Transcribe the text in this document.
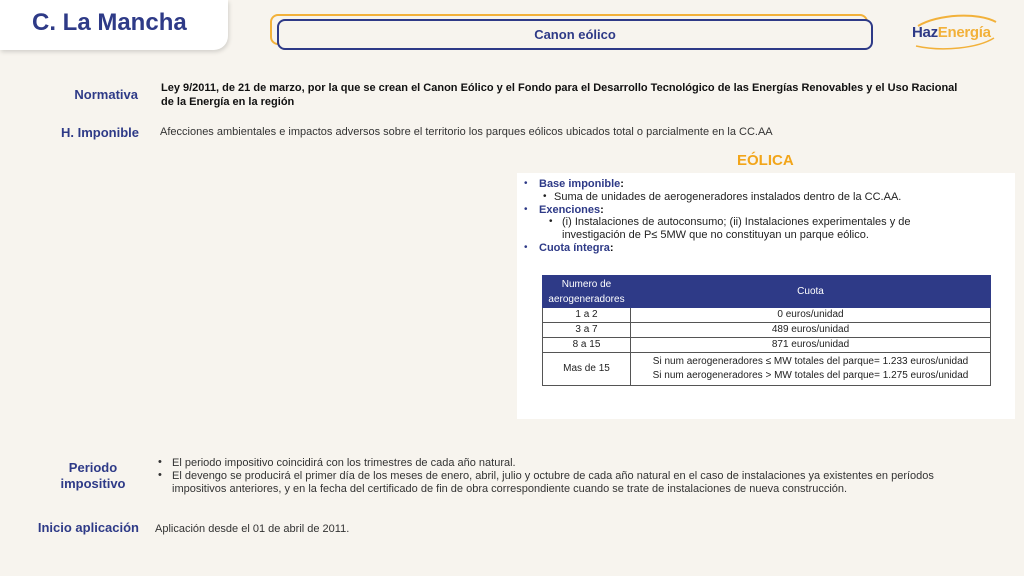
C. La Mancha	Canon eólico	HazEnergía
Normativa Ley 9/2011, de 21 de marzo, por la que se crean el Canon Eólico y el Fondo para el Desarrollo Tecnológico de las Energías Renovables y el Uso Racional
de la Energía en la región
H. Imponible Afecciones ambientales e impactos adversos sobre el territorio los parques eólicos ubicados total o parcialmente en la CC.AA
EÓLICA
• Base imponible:
• Suma de unidades de aerogeneradores instalados dentro de la CC.AA.
• Exenciones:
• (i) Instalaciones de autoconsumo; (ii) Instalaciones experimentales y de
investigación de P≤ 5MW que no constituyan un parque eólico.
• Cuota íntegra:
Numero de
aerogeneradores	Cuota
1 a 2	0 euros/unidad
3 a 7	489 euros/unidad
8 a 15	871 euros/unidad
Mas de 15	Si num aerogeneradores ≤ MW totales del parque= 1.233 euros/unidad
Si num aerogeneradores > MW totales del parque= 1.275 euros/unidad
Periodo
impositivo
• El periodo impositivo coincidirá con los trimestres de cada año natural.
• El devengo se producirá el primer día de los meses de enero, abril, julio y octubre de cada año natural en el caso de instalaciones ya existentes en períodos
impositivos anteriores, y en la fecha del certificado de fin de obra correspondiente cuando se trate de instalaciones de nueva construcción.
Inicio aplicación Aplicación desde el 01 de abril de 2011.
